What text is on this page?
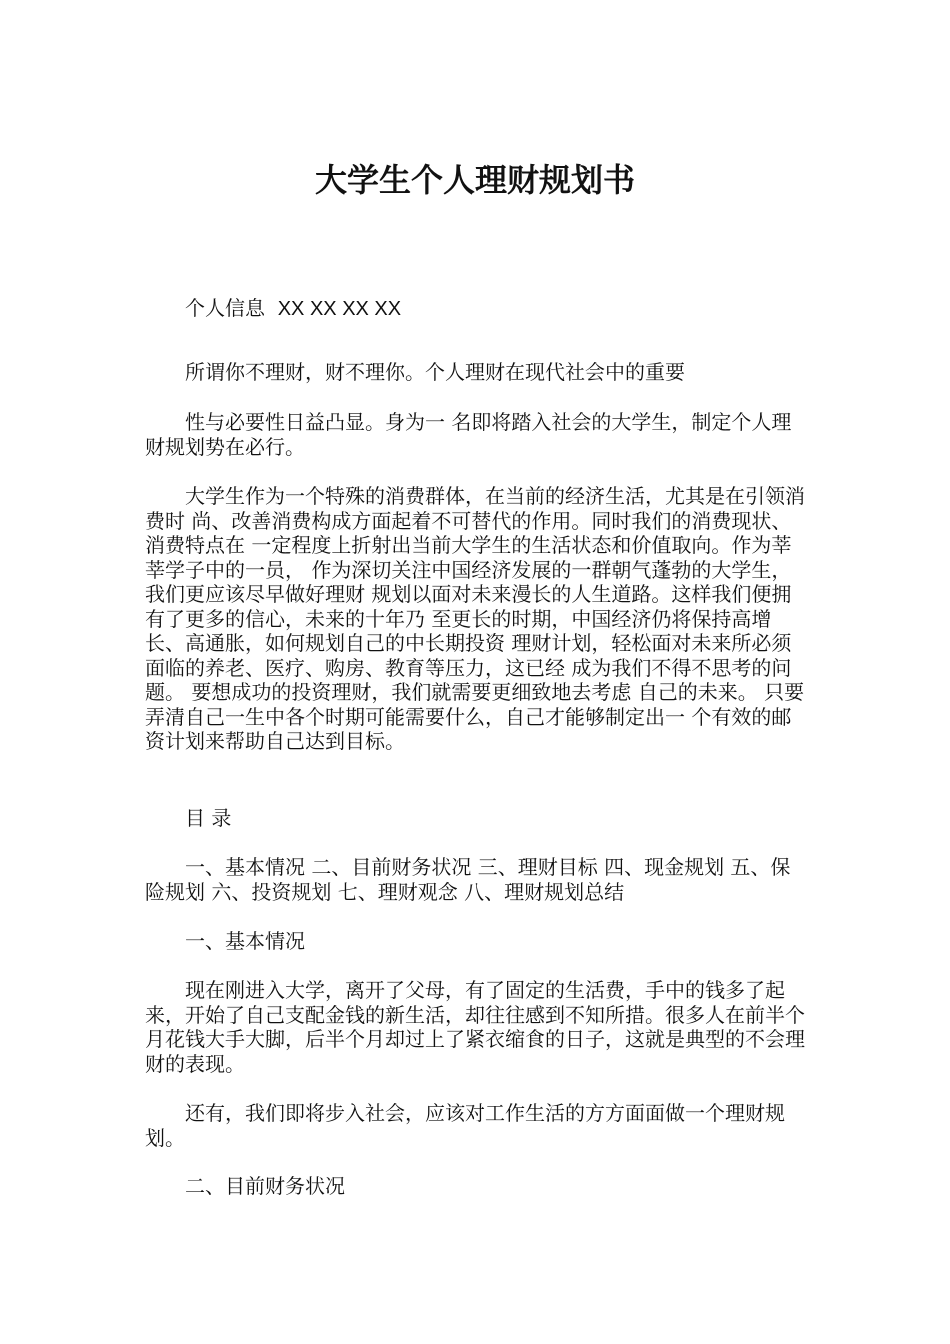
大学生个人理财规划书

个人信息 XX XX XX XX

所谓你不理财，财不理你。个人理财在现代社会中的重要

性与必要性日益凸显。身为一 名即将踏入社会的大学生，制定个人理财规划势在必行。

大学生作为一个特殊的消费群体，在当前的经济生活，尤其是在引领消费时 尚、改善消费构成方面起着不可替代的作用。同时我们的消费现状、消费特点在 一定程度上折射出当前大学生的生活状态和价值取向。作为莘莘学子中的一员， 作为深切关注中国经济发展的一群朝气蓬勃的大学生， 我们更应该尽早做好理财 规划以面对未来漫长的人生道路。这样我们便拥有了更多的信心，未来的十年乃 至更长的时期，中国经济仍将保持高增长、高通胀，如何规划自己的中长期投资 理财计划，轻松面对未来所必须面临的养老、医疗、购房、教育等压力，这已经 成为我们不得不思考的问题。 要想成功的投资理财，我们就需要更细致地去考虑 自己的未来。 只要弄清自己一生中各个时期可能需要什么，自己才能够制定出一 个有效的邮资计划来帮助自己达到目标。

目 录

一、基本情况 二、目前财务状况 三、理财目标 四、现金规划 五、保险规划 六、投资规划 七、理财观念 八、理财规划总结

一、基本情况

现在刚进入大学，离开了父母，有了固定的生活费，手中的钱多了起来，开始了自己支配金钱的新生活，却往往感到不知所措。很多人在前半个月花钱大手大脚，后半个月却过上了紧衣缩食的日子，这就是典型的不会理财的表现。

还有，我们即将步入社会，应该对工作生活的方方面面做一个理财规划。

二、目前财务状况
